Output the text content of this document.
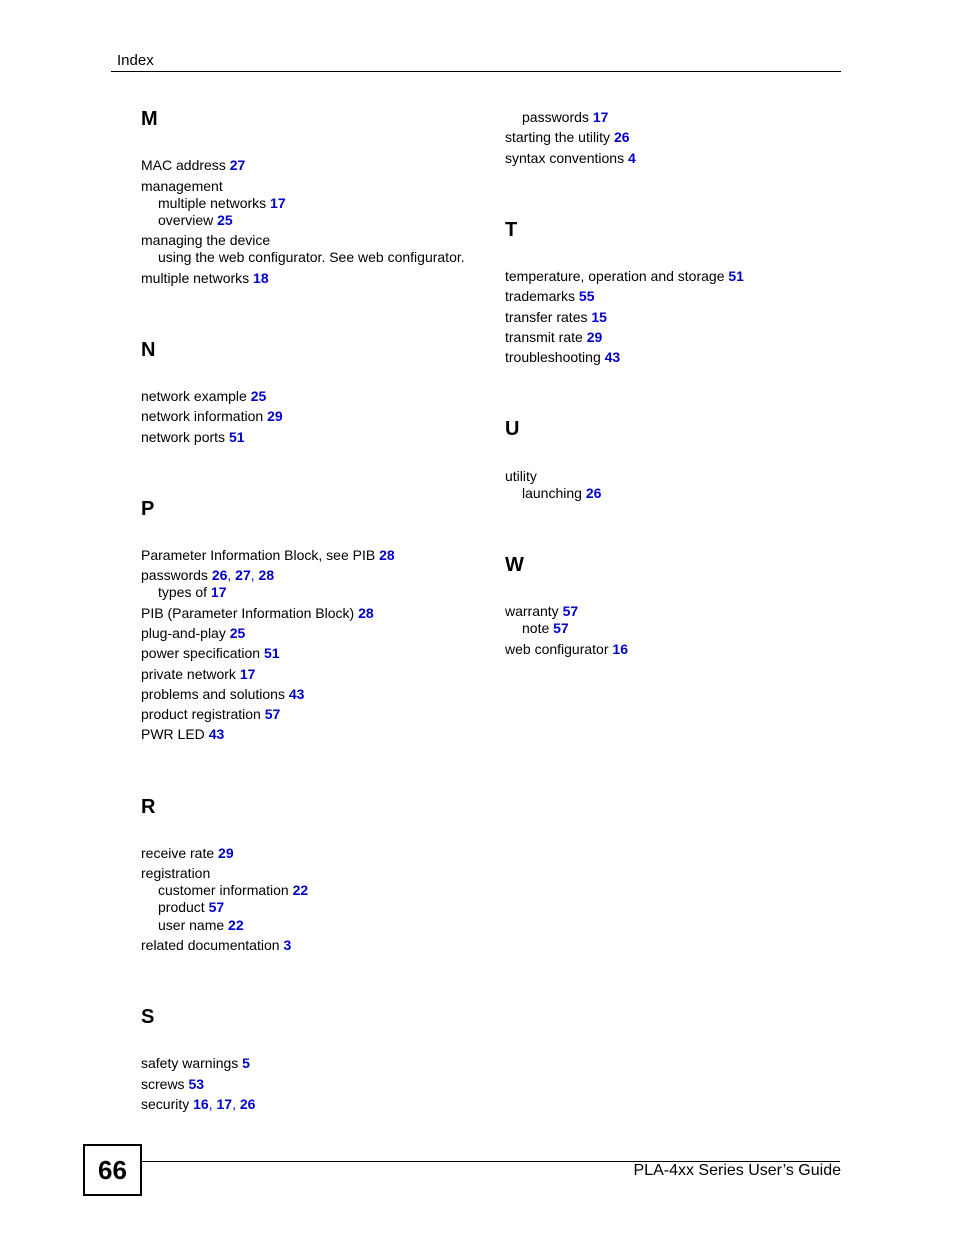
Index
M
MAC address 27
management
multiple networks 17
overview 25
managing the device
using the web configurator. See web configurator.
multiple networks 18
N
network example 25
network information 29
network ports 51
P
Parameter Information Block, see PIB 28
passwords 26, 27, 28
types of 17
PIB (Parameter Information Block) 28
plug-and-play 25
power specification 51
private network 17
problems and solutions 43
product registration 57
PWR LED 43
R
receive rate 29
registration
customer information 22
product 57
user name 22
related documentation 3
S
safety warnings 5
screws 53
security 16, 17, 26
passwords 17
starting the utility 26
syntax conventions 4
T
temperature, operation and storage 51
trademarks 55
transfer rates 15
transmit rate 29
troubleshooting 43
U
utility
launching 26
W
warranty 57
note 57
web configurator 16
66	PLA-4xx Series User’s Guide
